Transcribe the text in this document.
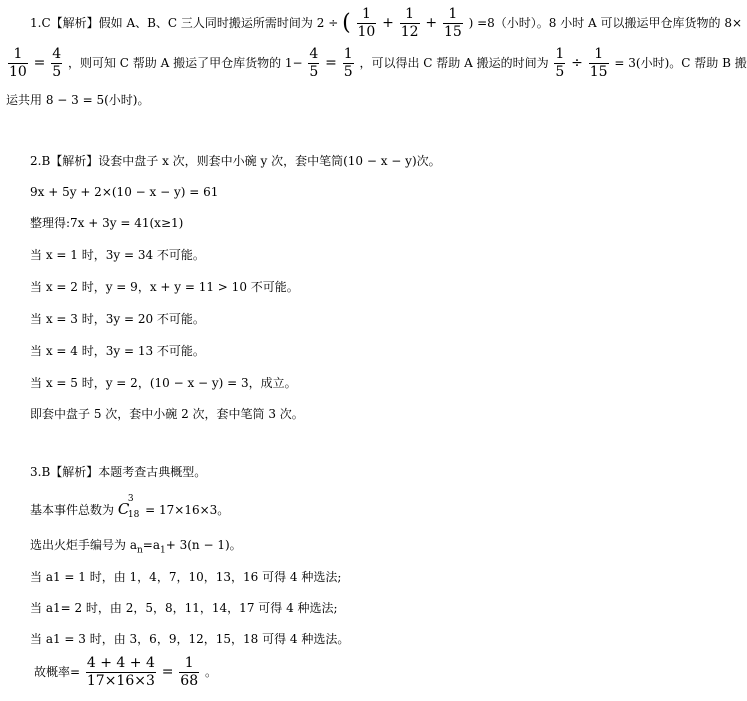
1.C【解析】假如 A、B、C 三人同时搬运所需时间为 2 ÷ ( $\frac{1}{10} + \frac{1}{12} + \frac{1}{15}$ ) =8（小时）。8 小时 A 可以搬运甲仓库货物的 8×
$\frac{1}{10} = \frac{4}{5}$ ，则可知 C 帮助 A 搬运了甲仓库货物的 $1- \frac{4}{5} = \frac{1}{5}$ ，可以得出 C 帮助 A 搬运的时间为 $\frac{1}{5} \div \frac{1}{15} = 3$(小时)。C 帮助 B 搬
运共用 8 − 3 = 5(小时)。
2.B【解析】设套中盘子 x 次，则套中小碗 y 次，套中笔筒(10 − x − y)次。
9x + 5y + 2×(10 − x − y) = 61
整理得:7x + 3y = 41(x≥1)
当 x = 1 时，3y = 34 不可能。
当 x = 2 时，y = 9，x + y = 11 > 10 不可能。
当 x = 3 时，3y = 20 不可能。
当 x = 4 时，3y = 13 不可能。
当 x = 5 时，y = 2，(10 − x − y) = 3，成立。
即套中盘子 5 次，套中小碗 2 次，套中笔筒 3 次。
3.B【解析】本题考查古典概型。
基本事件总数为 C
3
18 = 17×16×3。
选出火炬手编号为 $a_n=a_1+ 3(n - 1)$。
当 a1 = 1 时，由 1，4，7，10，13，16 可得 4 种选法;
当 a1= 2 时，由 2，5，8，11，14，17 可得 4 种选法;
当 a1 = 3 时，由 3，6，9，12，15，18 可得 4 种选法。
故概率= $\frac{4 + 4 + 4}{17\times 16\times 3} = \frac{1}{68}$ 。
